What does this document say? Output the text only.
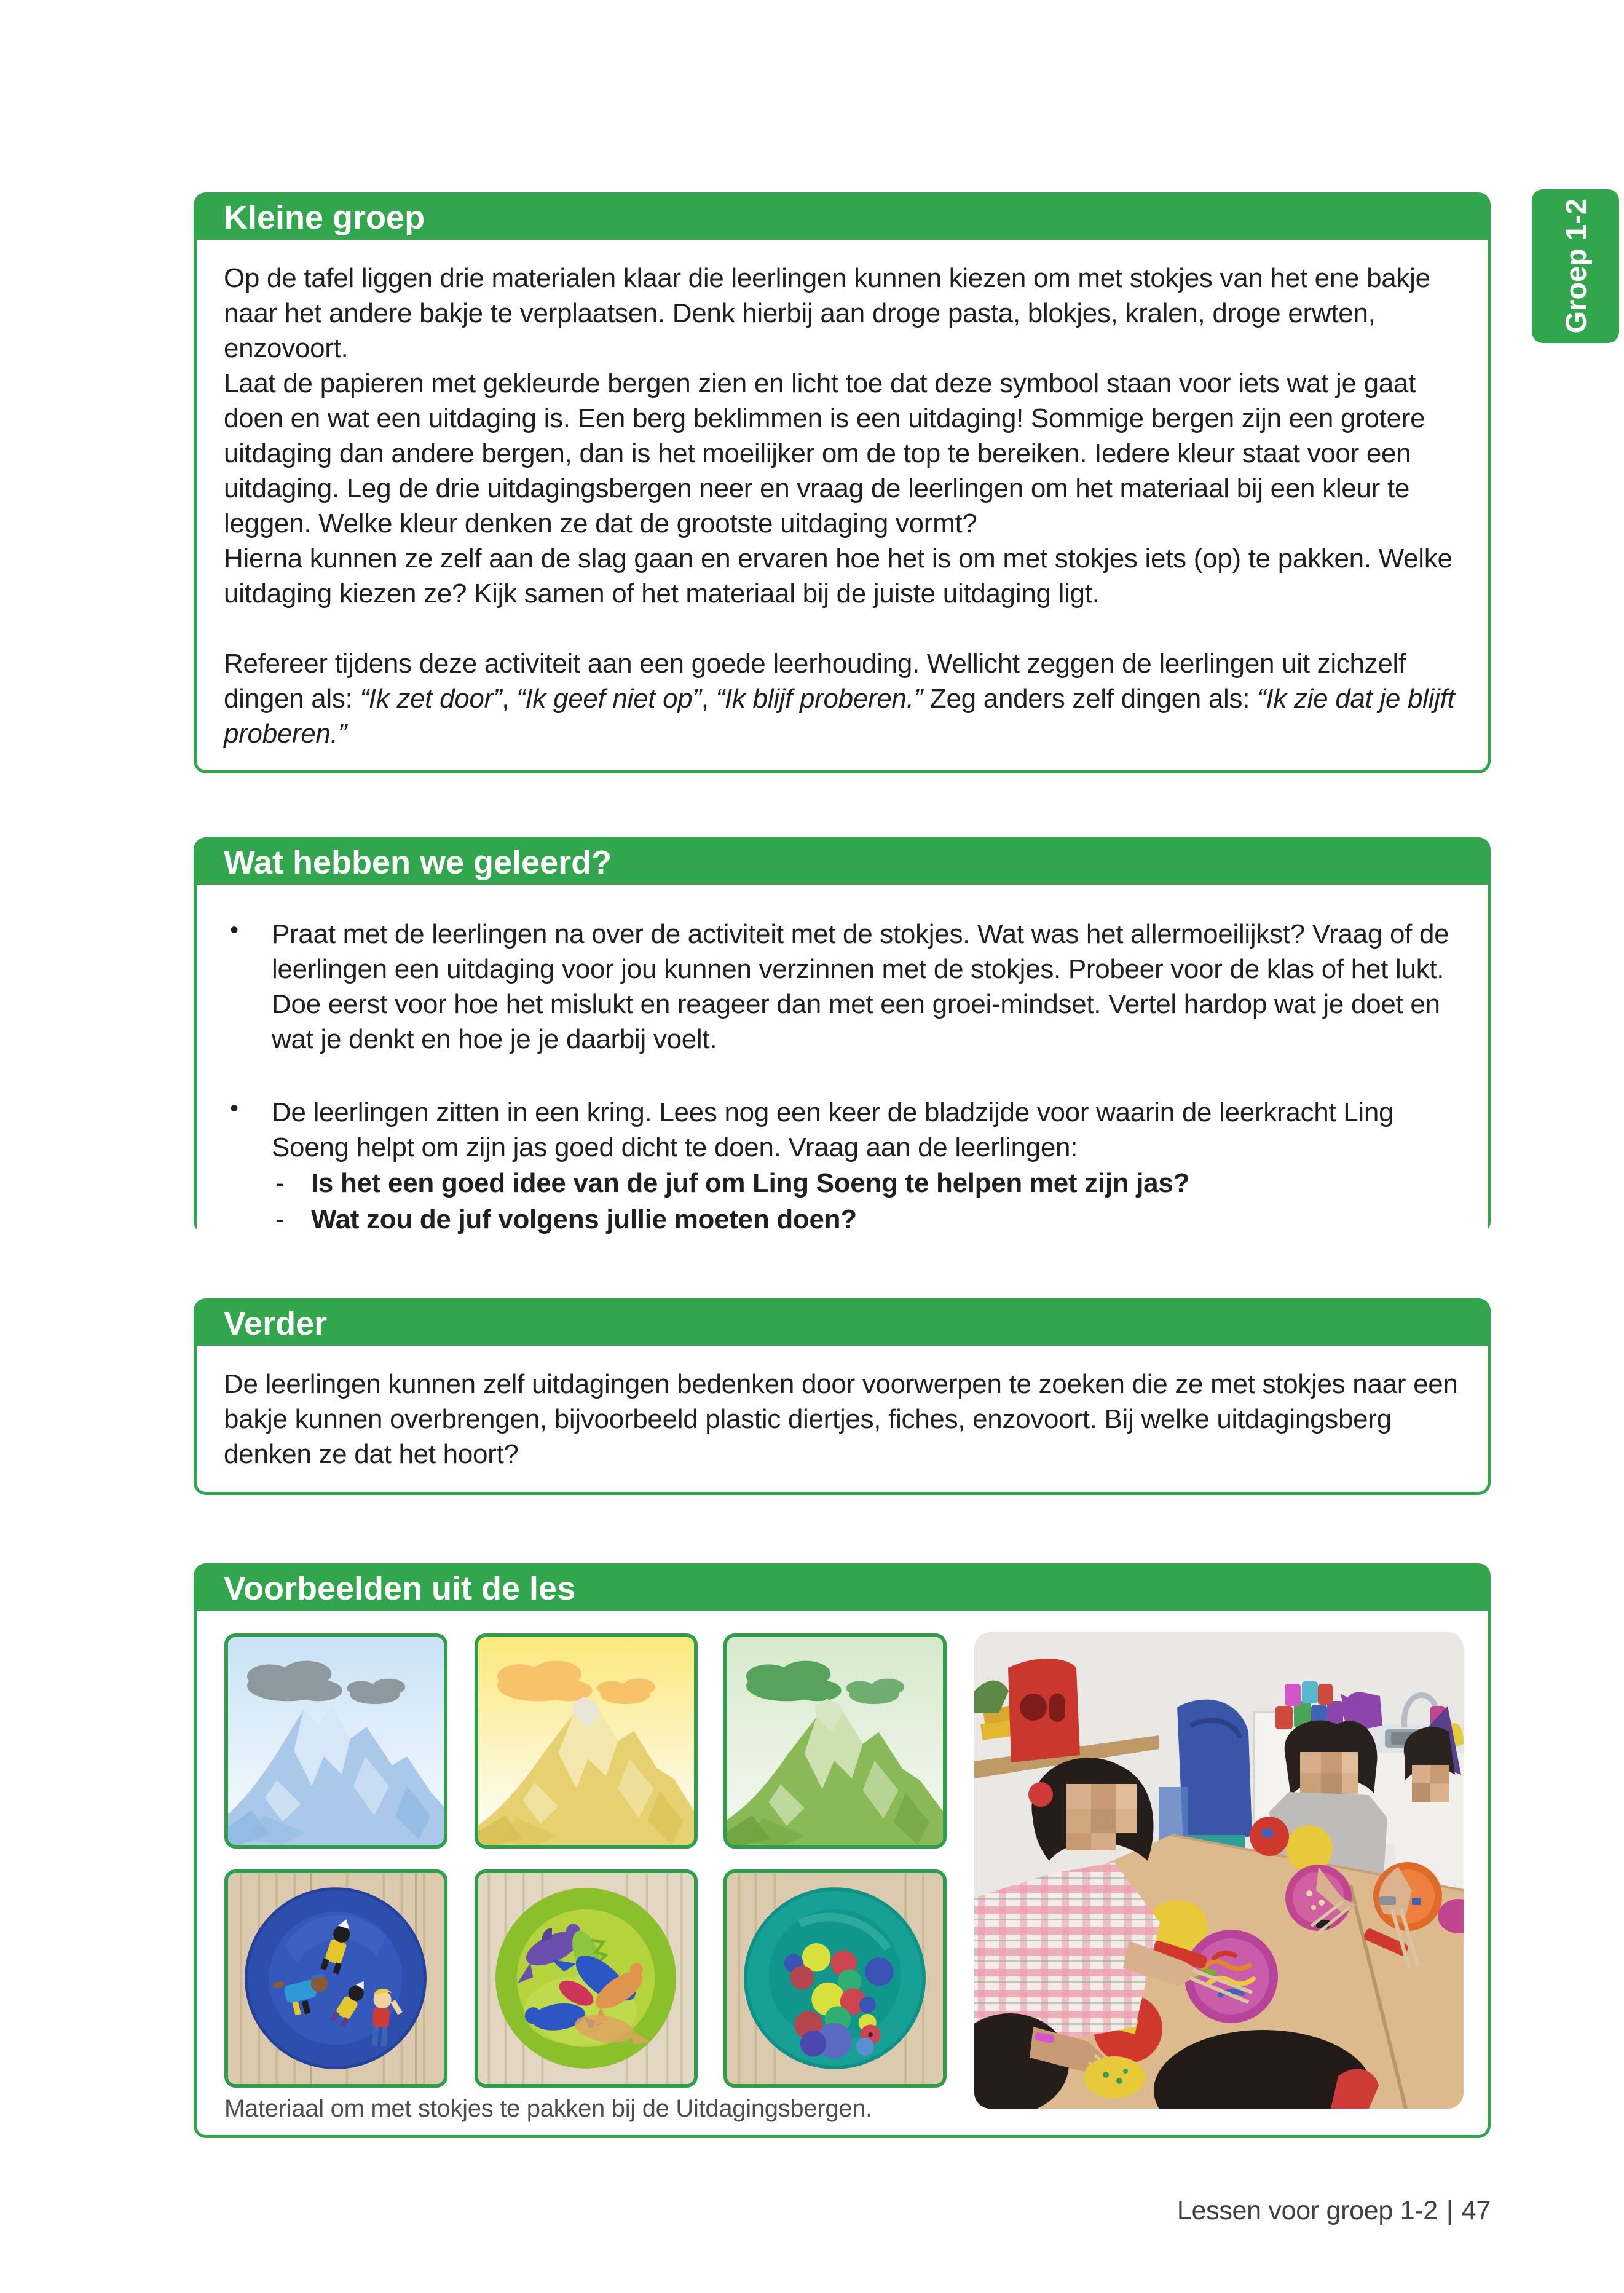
Groep 1-2
Kleine groep

Op de tafel liggen drie materialen klaar die leerlingen kunnen kiezen om met stokjes van het ene bakje naar het andere bakje te verplaatsen. Denk hierbij aan droge pasta, blokjes, kralen, droge erwten, enzovoort.

Laat de papieren met gekleurde bergen zien en licht toe dat deze symbool staan voor iets wat je gaat doen en wat een uitdaging is. Een berg beklimmen is een uitdaging! Sommige bergen zijn een grotere uitdaging dan andere bergen, dan is het moeilijker om de top te bereiken. Iedere kleur staat voor een uitdaging. Leg de drie uitdagingsbergen neer en vraag de leerlingen om het materiaal bij een kleur te leggen. Welke kleur denken ze dat de grootste uitdaging vormt?

Hierna kunnen ze zelf aan de slag gaan en ervaren hoe het is om met stokjes iets (op) te pakken. Welke uitdaging kiezen ze? Kijk samen of het materiaal bij de juiste uitdaging ligt.

Refereer tijdens deze activiteit aan een goede leerhouding. Wellicht zeggen de leerlingen uit zichzelf dingen als: “Ik zet door”, “Ik geef niet op”, “Ik blijf proberen.” Zeg anders zelf dingen als: “Ik zie dat je blijft proberen.”

Wat hebben we geleerd?

• Praat met de leerlingen na over de activiteit met de stokjes. Wat was het allermoeilijkst? Vraag of de leerlingen een uitdaging voor jou kunnen verzinnen met de stokjes. Probeer voor de klas of het lukt. Doe eerst voor hoe het mislukt en reageer dan met een groei-mindset. Vertel hardop wat je doet en wat je denkt en hoe je je daarbij voelt.

• De leerlingen zitten in een kring. Lees nog een keer de bladzijde voor waarin de leerkracht Ling Soeng helpt om zijn jas goed dicht te doen. Vraag aan de leerlingen:

- Is het een goed idee van de juf om Ling Soeng te helpen met zijn jas?
- Wat zou de juf volgens jullie moeten doen?
Verder

De leerlingen kunnen zelf uitdagingen bedenken door voorwerpen te zoeken die ze met stokjes naar een bakje kunnen overbrengen, bijvoorbeeld plastic diertjes, fiches, enzovoort. Bij welke uitdagingsberg denken ze dat het hoort?

Voorbeelden uit de les
Materiaal om met stokjes te pakken bij de Uitdagingsbergen.
Lessen voor groep 1-2 | 47
